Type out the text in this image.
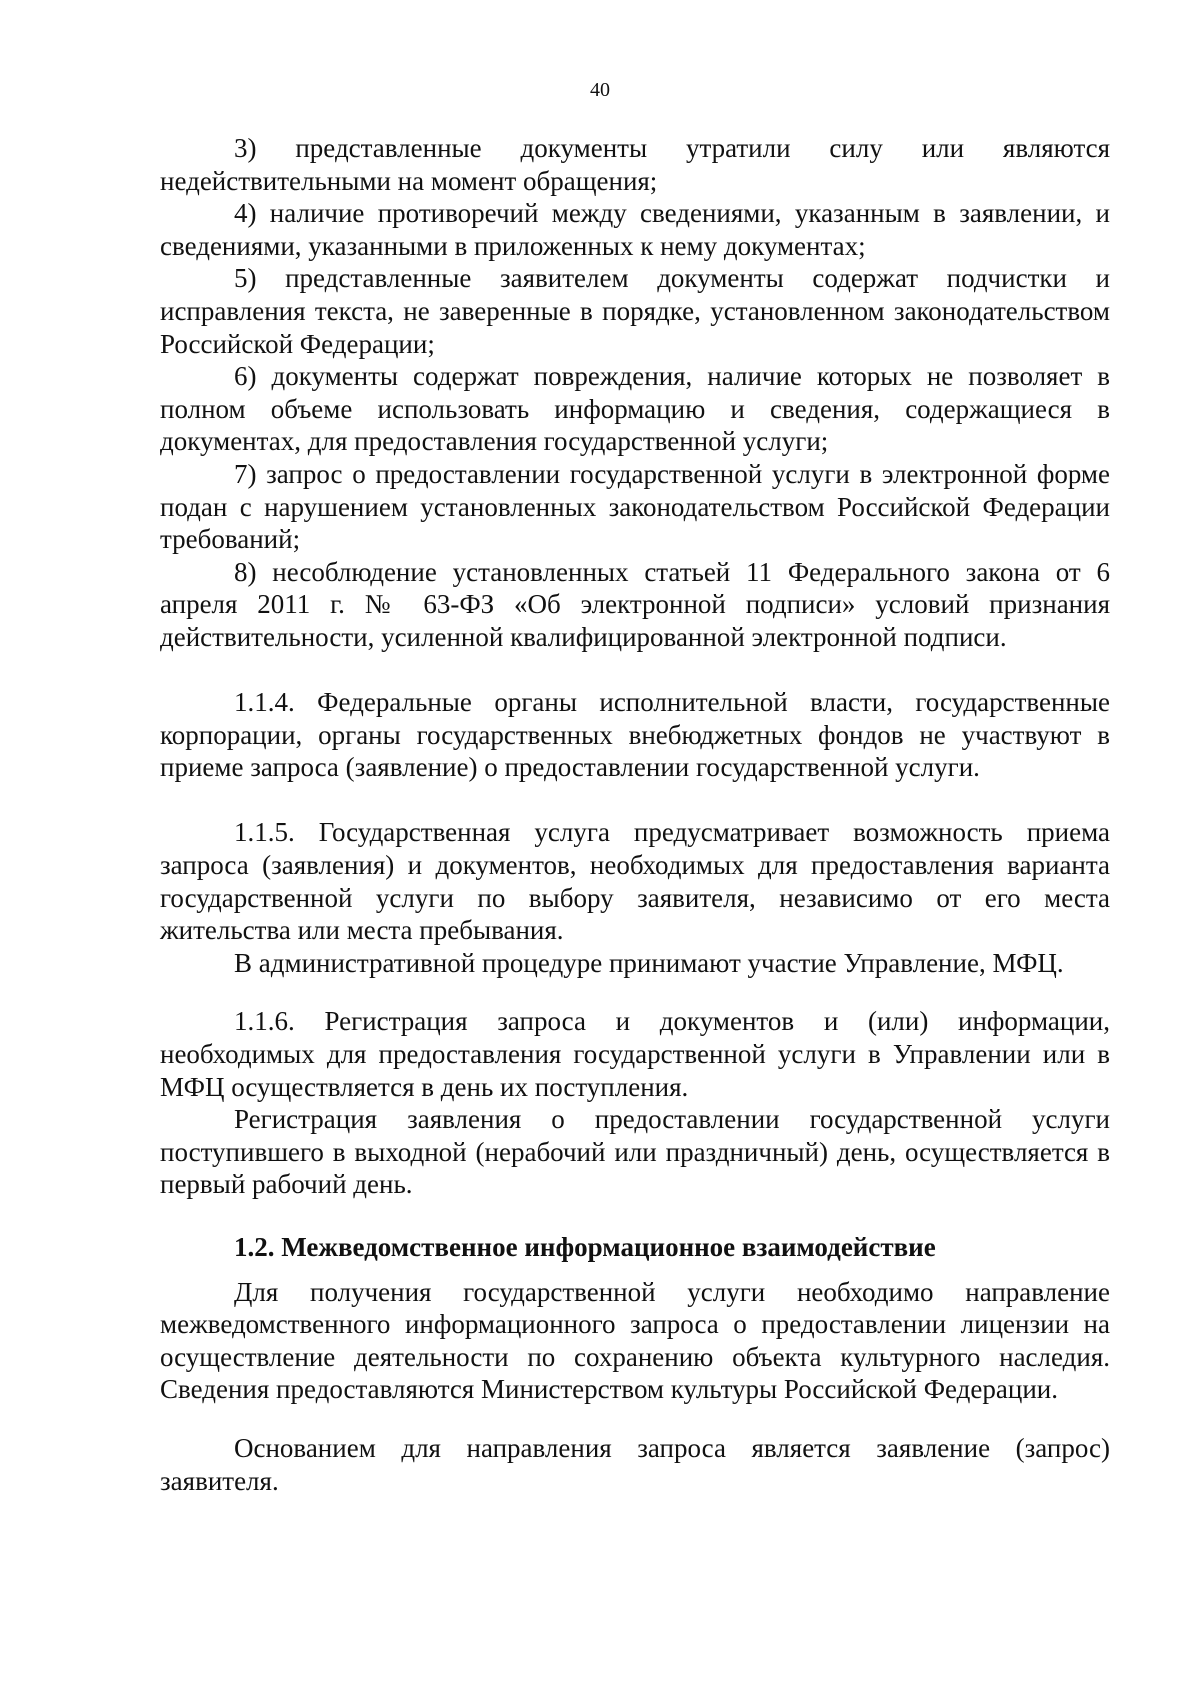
40

3) представленные документы утратили силу или являются недействительными на момент обращения;

4) наличие противоречий между сведениями, указанным в заявлении, и сведениями, указанными в приложенных к нему документах;

5) представленные заявителем документы содержат подчистки и исправления текста, не заверенные в порядке, установленном законодательством Российской Федерации;

6) документы содержат повреждения, наличие которых не позволяет в полном объеме использовать информацию и сведения, содержащиеся в документах, для предоставления государственной услуги;

7) запрос о предоставлении государственной услуги в электронной форме подан с нарушением установленных законодательством Российской Федерации требований;

8) несоблюдение установленных статьей 11 Федерального закона от 6 апреля 2011 г. № 63-ФЗ «Об электронной подписи» условий признания действительности, усиленной квалифицированной электронной подписи.

1.1.4. Федеральные органы исполнительной власти, государственные корпорации, органы государственных внебюджетных фондов не участвуют в приеме запроса (заявление) о предоставлении государственной услуги.

1.1.5. Государственная услуга предусматривает возможность приема запроса (заявления) и документов, необходимых для предоставления варианта государственной услуги по выбору заявителя, независимо от его места жительства или места пребывания.

В административной процедуре принимают участие Управление, МФЦ.

1.1.6. Регистрация запроса и документов и (или) информации, необходимых для предоставления государственной услуги в Управлении или в МФЦ осуществляется в день их поступления.

Регистрация заявления о предоставлении государственной услуги поступившего в выходной (нерабочий или праздничный) день, осуществляется в первый рабочий день.

1.2. Межведомственное информационное взаимодействие

Для получения государственной услуги необходимо направление межведомственного информационного запроса о предоставлении лицензии на осуществление деятельности по сохранению объекта культурного наследия. Сведения предоставляются Министерством культуры Российской Федерации.

Основанием для направления запроса является заявление (запрос) заявителя.
